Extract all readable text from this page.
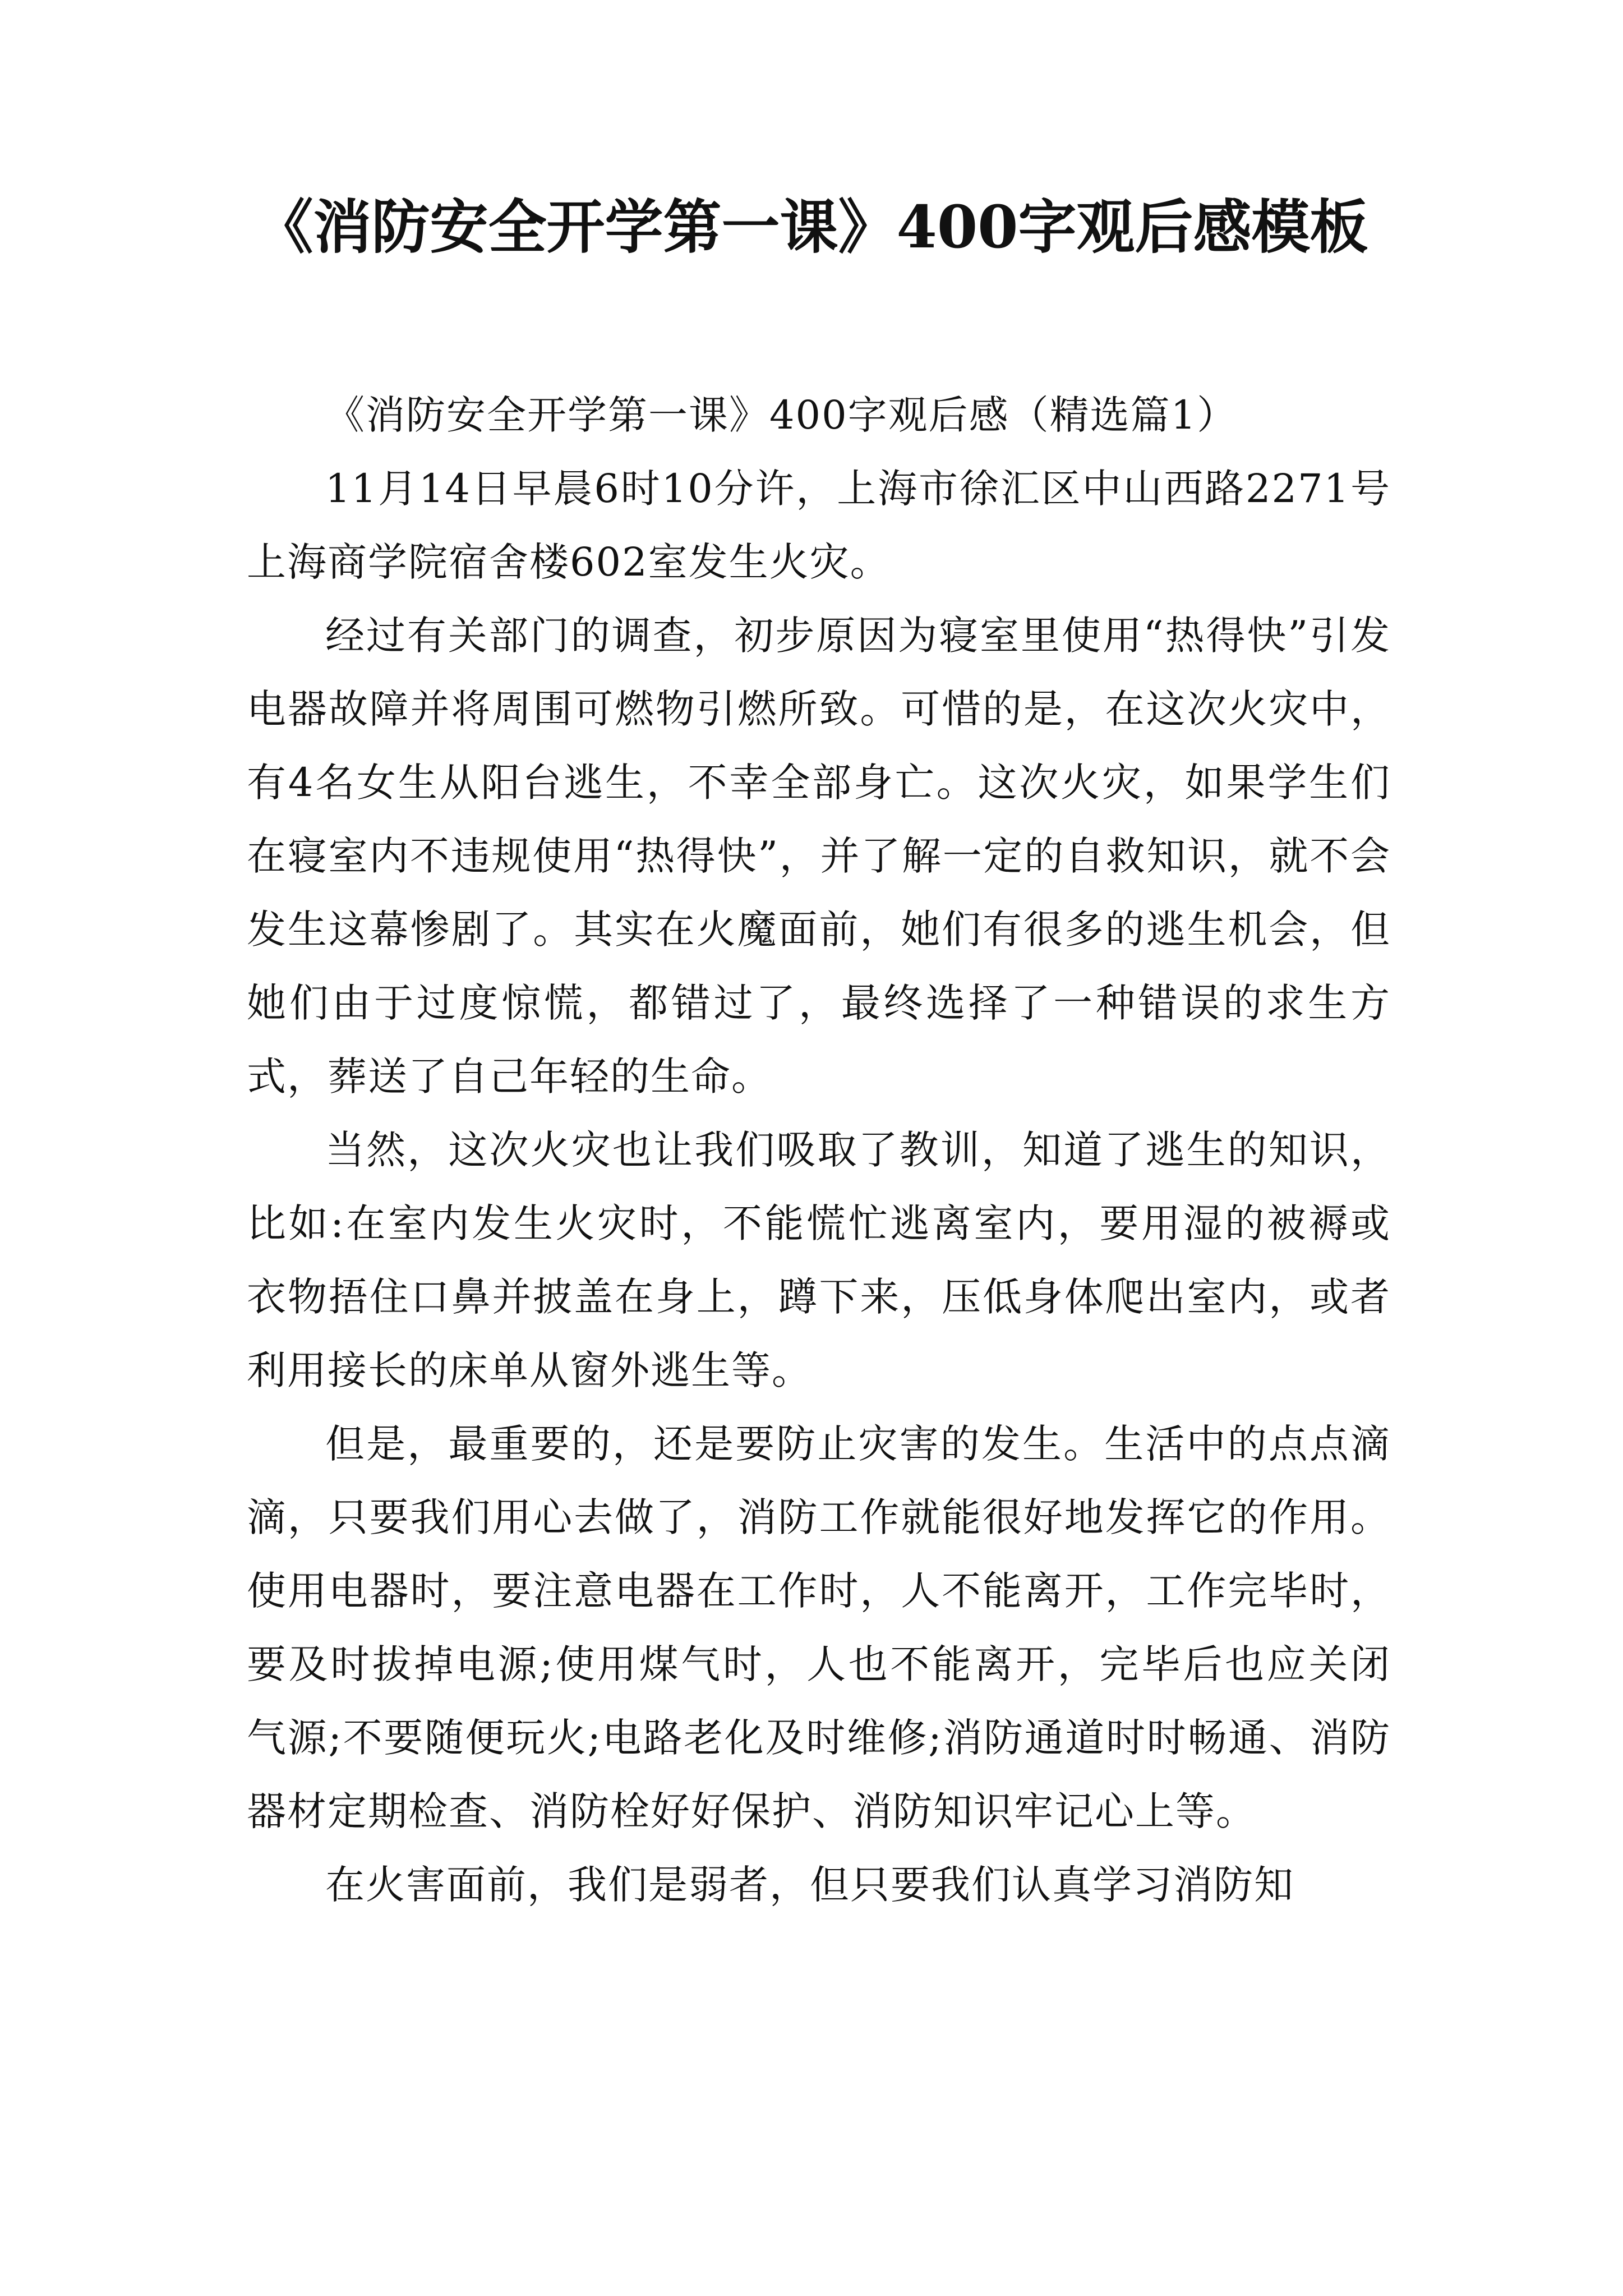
《消防安全开学第一课》400字观后感模板

《消防安全开学第一课》400字观后感（精选篇1）

11月14日早晨6时10分许，上海市徐汇区中山西路2271号上海商学院宿舍楼602室发生火灾。

经过有关部门的调查，初步原因为寝室里使用“热得快”引发电器故障并将周围可燃物引燃所致。可惜的是，在这次火灾中，有4名女生从阳台逃生，不幸全部身亡。这次火灾，如果学生们在寝室内不违规使用“热得快”，并了解一定的自救知识，就不会发生这幕惨剧了。其实在火魔面前，她们有很多的逃生机会，但她们由于过度惊慌，都错过了，最终选择了一种错误的求生方式，葬送了自己年轻的生命。

当然，这次火灾也让我们吸取了教训，知道了逃生的知识，比如:在室内发生火灾时，不能慌忙逃离室内，要用湿的被褥或衣物捂住口鼻并披盖在身上，蹲下来，压低身体爬出室内，或者利用接长的床单从窗外逃生等。

但是，最重要的，还是要防止灾害的发生。生活中的点点滴滴，只要我们用心去做了，消防工作就能很好地发挥它的作用。使用电器时，要注意电器在工作时，人不能离开，工作完毕时，要及时拔掉电源;使用煤气时，人也不能离开，完毕后也应关闭气源;不要随便玩火;电路老化及时维修;消防通道时时畅通、消防器材定期检查、消防栓好好保护、消防知识牢记心上等。

在火害面前，我们是弱者，但只要我们认真学习消防知
